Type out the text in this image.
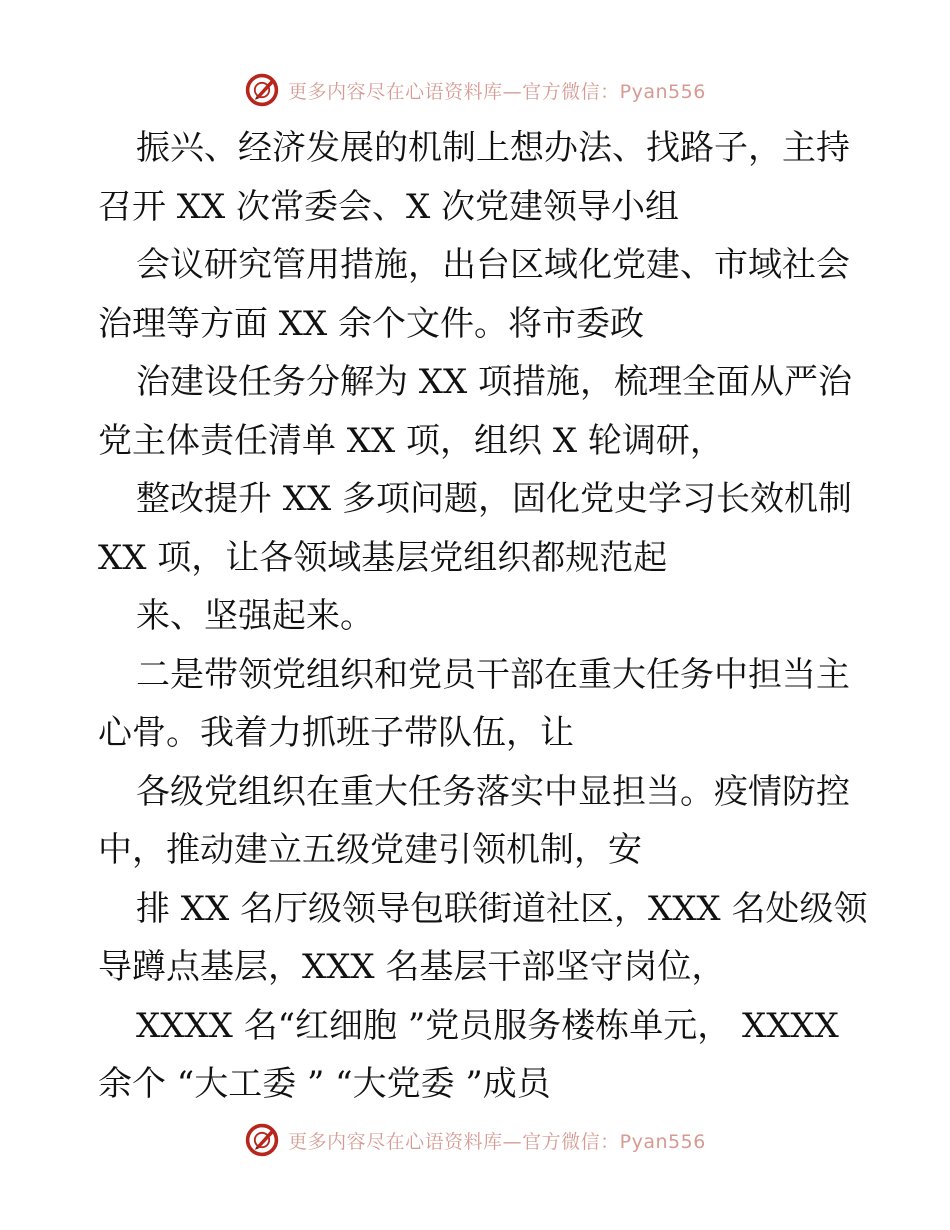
更多内容尽在心语资料库—官方微信：Pyan556
振兴、经济发展的机制上想办法、找路子，主持
召开 XX 次常委会、X 次党建领导小组
会议研究管用措施，出台区域化党建、市域社会
治理等方面 XX 余个文件。将市委政
治建设任务分解为 XX 项措施，梳理全面从严治
党主体责任清单 XX 项，组织 X 轮调研，
整改提升 XX 多项问题，固化党史学习长效机制
XX 项，让各领域基层党组织都规范起
来、坚强起来。
二是带领党组织和党员干部在重大任务中担当主
心骨。我着力抓班子带队伍，让
各级党组织在重大任务落实中显担当。疫情防控
中，推动建立五级党建引领机制，安
排 XX 名厅级领导包联街道社区，XXX 名处级领
导蹲点基层，XXX 名基层干部坚守岗位，
XXXX 名“红细胞 ”党员服务楼栋单元， XXXX
余个 “大工委 ” “大党委 ”成员
更多内容尽在心语资料库—官方微信：Pyan556
